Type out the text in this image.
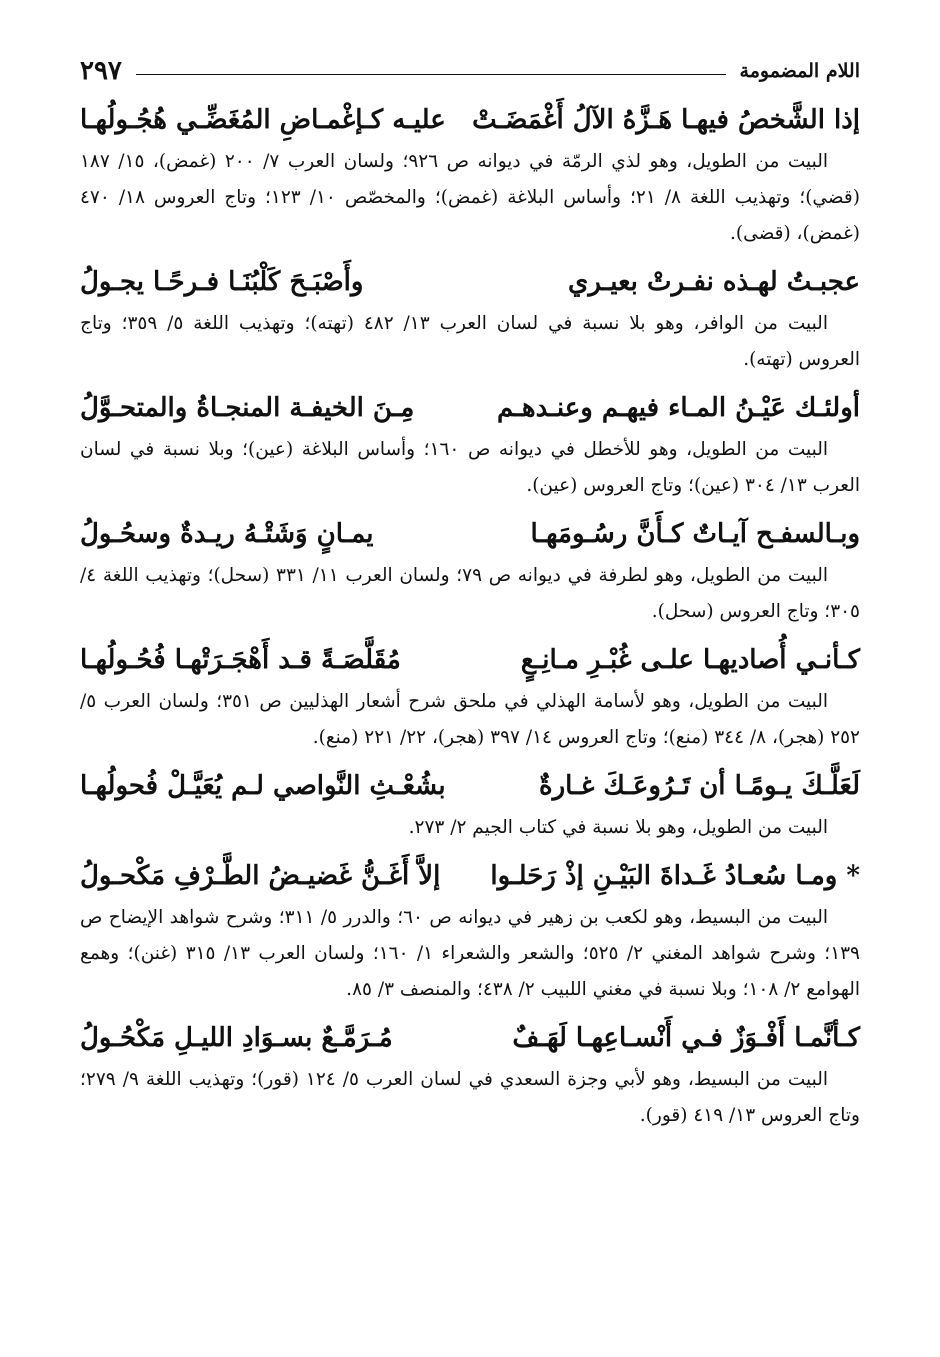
اللام المضمومة
٢٩٧
إذا الشَّخصُ فيهـا هَـزَّهُ الآلُ أَغْمَضَـتْ
عليـه كـإغْمـاضِ المُغَضِّـي هُجُـولُهـا

البيت من الطويل، وهو لذي الرمّة في ديوانه ص ٩٢٦؛ ولسان العرب ٧/ ٢٠٠ (غمض)، ١٥/ ١٨٧ (قضي)؛ وتهذيب اللغة ٨/ ٢١؛ وأساس البلاغة (غمض)؛ والمخصّص ١٠/ ١٢٣؛ وتاج العروس ١٨/ ٤٧٠ (غمض)، (قضى).

عجبـتُ لهـذه نفـرتْ بعيـري
وأَصْبَـحَ كَلْبُنَـا فـرحًـا يجـولُ

البيت من الوافر، وهو بلا نسبة في لسان العرب ١٣/ ٤٨٢ (تهته)؛ وتهذيب اللغة ٥/ ٣٥٩؛ وتاج العروس (تهته).

أولئـك عَيْـنُ المـاء فيهـم وعنـدهـم
مِـنَ الخيفـة المنجـاةُ والمتحـوَّلُ

البيت من الطويل، وهو للأخطل في ديوانه ص ١٦٠؛ وأساس البلاغة (عين)؛ وبلا نسبة في لسان العرب ١٣/ ٣٠٤ (عين)؛ وتاج العروس (عين).

وبـالسفـح آيـاتٌ كـأَنَّ رسُـومَهـا
يمـانٍ وَشَتْـهُ ريـدةٌ وسحُـولُ

البيت من الطويل، وهو لطرفة في ديوانه ص ٧٩؛ ولسان العرب ١١/ ٣٣١ (سحل)؛ وتهذيب اللغة ٤/ ٣٠٥؛ وتاج العروس (سحل).

كـأنـي أُصاديهـا علـى غُبْـرِ مـانِـعٍ
مُقَلَّصَـةً قـد أَهْجَـرَتْهـا فُحُـولُهـا

البيت من الطويل، وهو لأسامة الهذلي في ملحق شرح أشعار الهذليين ص ٣٥١؛ ولسان العرب ٥/ ٢٥٢ (هجر)، ٨/ ٣٤٤ (منع)؛ وتاج العروس ١٤/ ٣٩٧ (هجر)، ٢٢/ ٢٢١ (منع).

لَعَلَّـكَ يـومًـا أن تَـرُوعَـكَ غـارةٌ
بشُعْـثِ النَّواصي لـم يُعَيَّـلْ فُحولُهـا

البيت من الطويل، وهو بلا نسبة في كتاب الجيم ٢/ ٢٧٣.

* ومـا سُعـادُ غَـداةَ البَيْـنِ إذْ رَحَلـوا
إلاَّ أَغَـنُّ غَضيـضُ الطَّـرْفِ مَكْحـولُ

البيت من البسيط، وهو لكعب بن زهير في ديوانه ص ٦٠؛ والدرر ٥/ ٣١١؛ وشرح شواهد الإيضاح ص ١٣٩؛ وشرح شواهد المغني ٢/ ٥٢٥؛ والشعر والشعراء ١/ ١٦٠؛ ولسان العرب ١٣/ ٣١٥ (غنن)؛ وهمع الهوامع ٢/ ١٠٨؛ وبلا نسبة في مغني اللبيب ٢/ ٤٣٨؛ والمنصف ٣/ ٨٥.

كـأنَّمـا أَفْـوَزٌ فـي أَنْسـاعِهـا لَهَـفٌ
مُـرَمَّـعٌ بسـوَادِ الليـلِ مَكْحُـولُ

البيت من البسيط، وهو لأبي وجزة السعدي في لسان العرب ٥/ ١٢٤ (قور)؛ وتهذيب اللغة ٩/ ٢٧٩؛ وتاج العروس ١٣/ ٤١٩ (قور).
